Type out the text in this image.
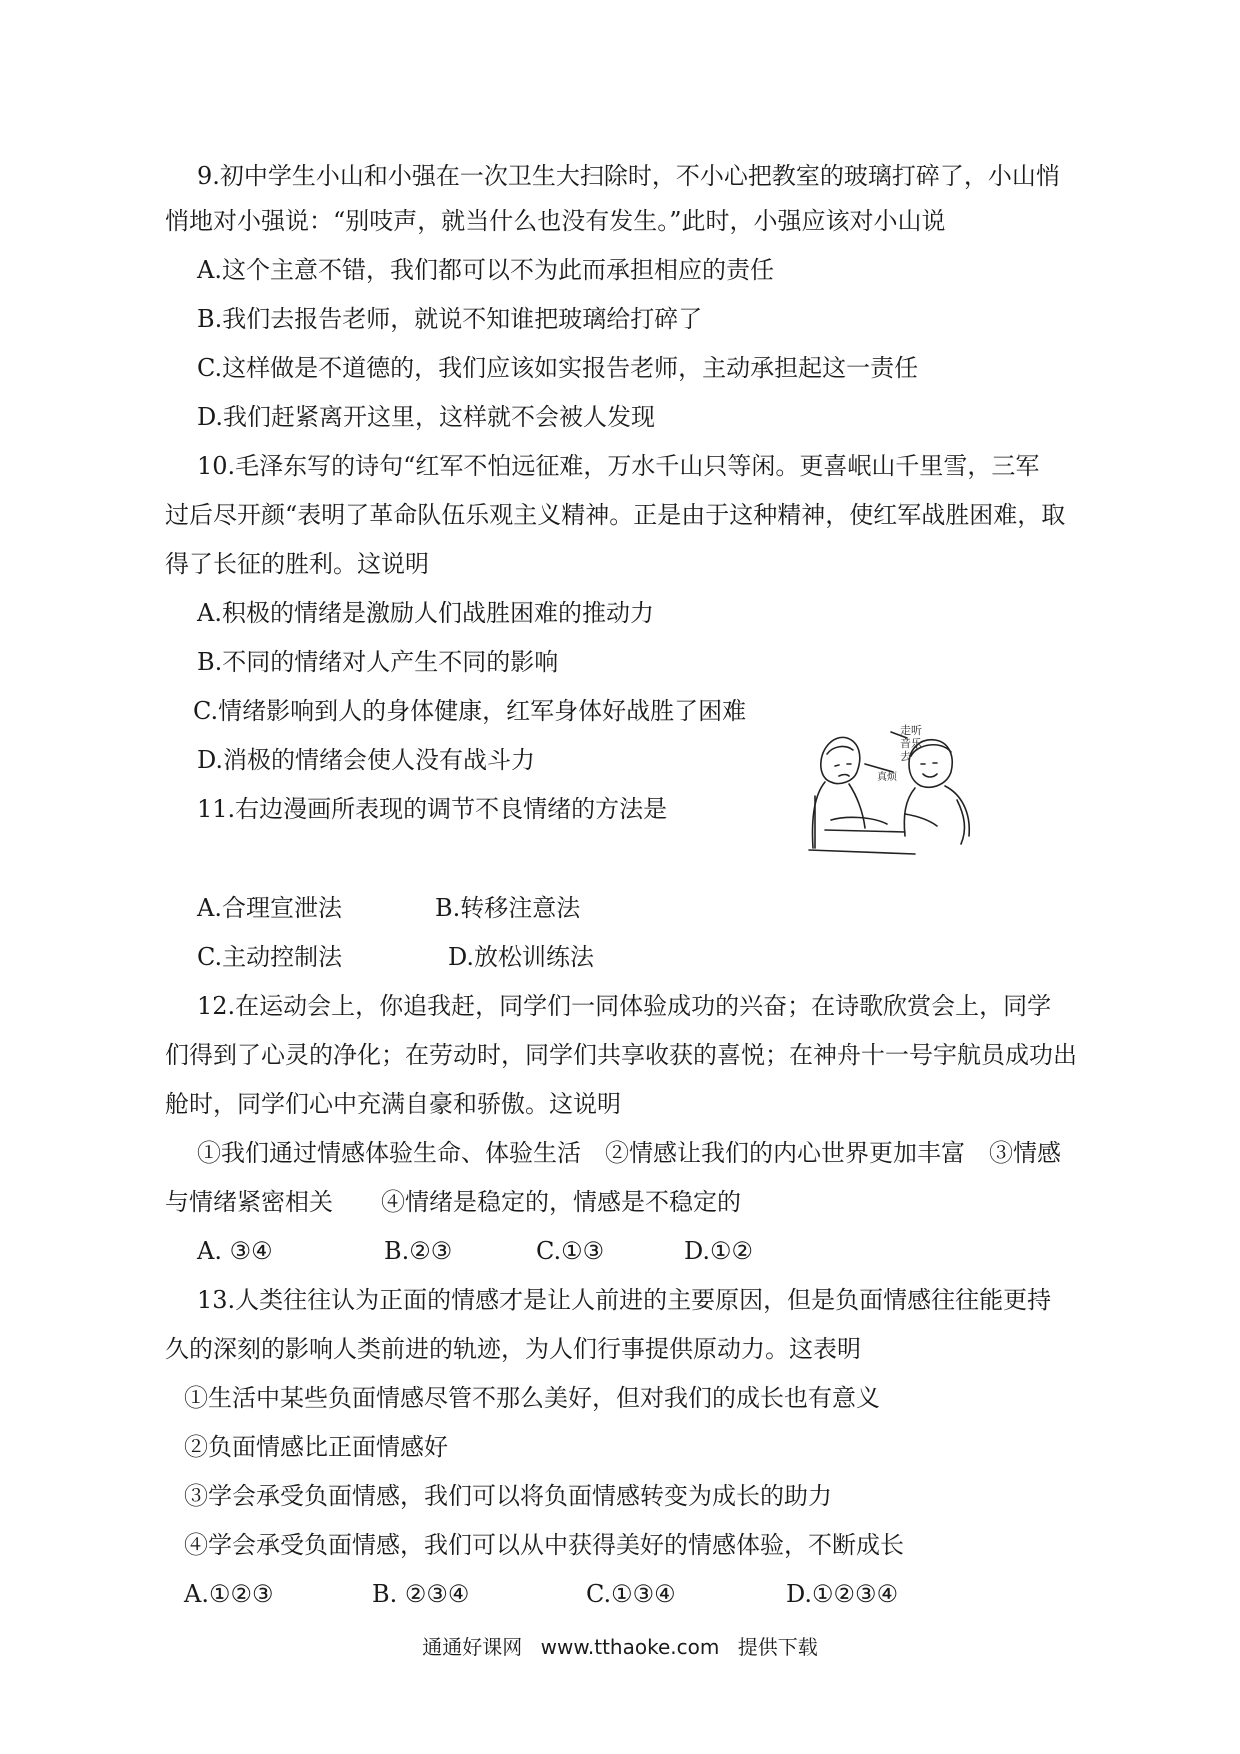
9.初中学生小山和小强在一次卫生大扫除时，不小心把教室的玻璃打碎了，小山悄
悄地对小强说：“别吱声，就当什么也没有发生。”此时，小强应该对小山说
A.这个主意不错，我们都可以不为此而承担相应的责任
B.我们去报告老师，就说不知谁把玻璃给打碎了
C.这样做是不道德的，我们应该如实报告老师，主动承担起这一责任
D.我们赶紧离开这里，这样就不会被人发现
10.毛泽东写的诗句“红军不怕远征难，万水千山只等闲。更喜岷山千里雪，三军
过后尽开颜“表明了革命队伍乐观主义精神。正是由于这种精神，使红军战胜困难，取
得了长征的胜利。这说明
A.积极的情绪是激励人们战胜困难的推动力
B.不同的情绪对人产生不同的影响
C.情绪影响到人的身体健康，红军身体好战胜了困难
D.消极的情绪会使人没有战斗力
11.右边漫画所表现的调节不良情绪的方法是
走听
音乐
去
真烦
A.合理宣泄法	B.转移注意法
C.主动控制法	D.放松训练法
12.在运动会上，你追我赶，同学们一同体验成功的兴奋；在诗歌欣赏会上，同学
们得到了心灵的净化；在劳动时，同学们共享收获的喜悦；在神舟十一号宇航员成功出
舱时，同学们心中充满自豪和骄傲。这说明
①我们通过情感体验生命、体验生活　②情感让我们的内心世界更加丰富　③情感
与情绪紧密相关　　④情绪是稳定的，情感是不稳定的
A. ③④	B.②③	C.①③	D.①②
13.人类往往认为正面的情感才是让人前进的主要原因，但是负面情感往往能更持
久的深刻的影响人类前进的轨迹，为人们行事提供原动力。这表明
①生活中某些负面情感尽管不那么美好，但对我们的成长也有意义
②负面情感比正面情感好
③学会承受负面情感，我们可以将负面情感转变为成长的助力
④学会承受负面情感，我们可以从中获得美好的情感体验，不断成长
A.①②③	B. ②③④	C.①③④	D.①②③④
通通好课网 www.tthaoke.com 提供下载
